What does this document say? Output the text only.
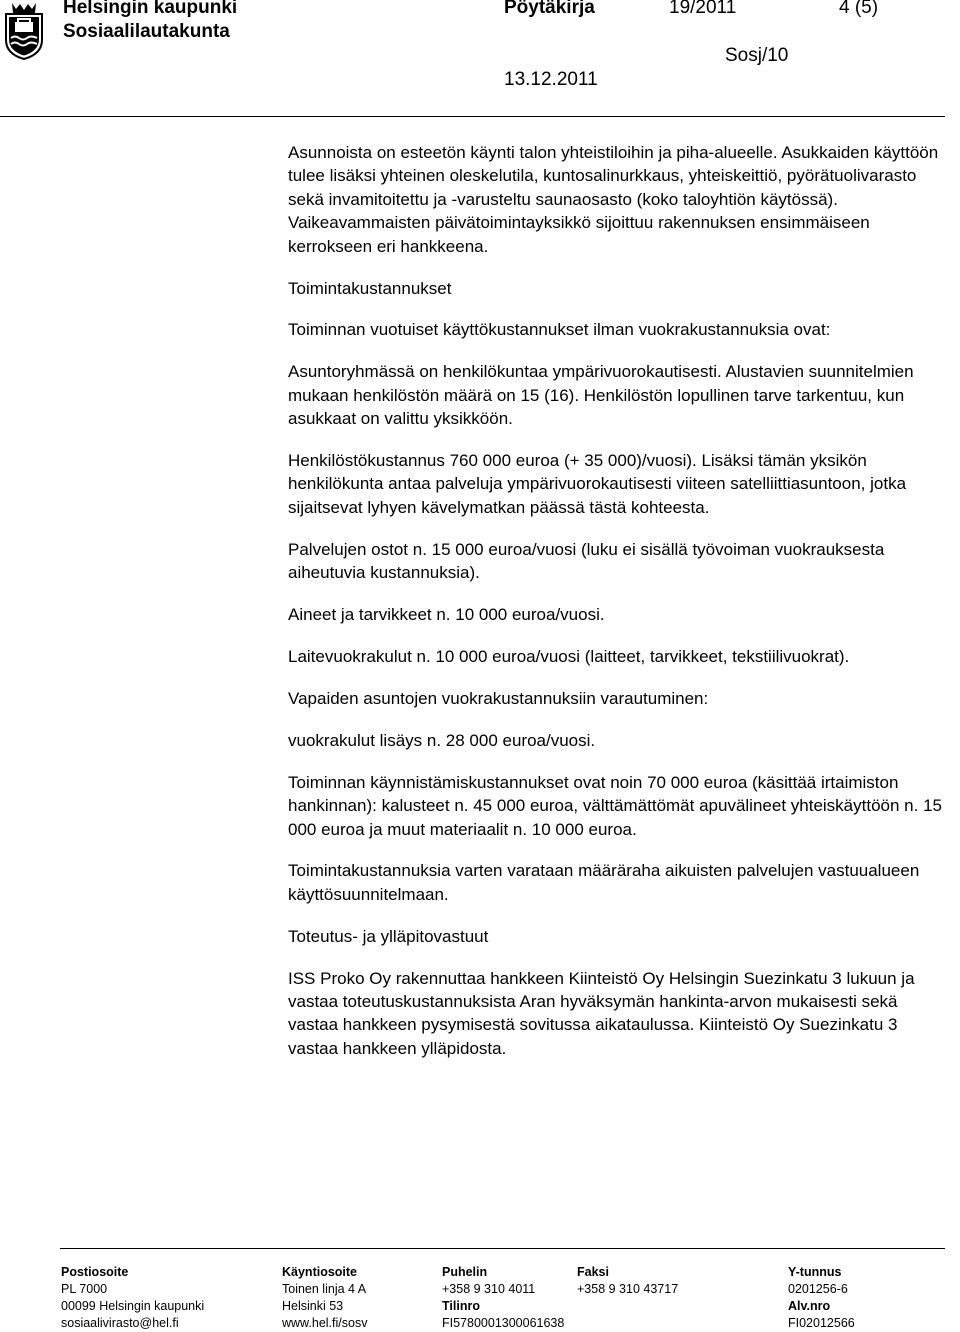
Helsingin kaupunki
Sosiaalilautakunta
Pöytäkirja	19/2011	4 (5)
Sosj/10
13.12.2011

Asunnoista on esteetön käynti talon yhteistiloihin ja piha-alueelle. Asukkaiden käyttöön tulee lisäksi yhteinen oleskelutila, kuntosalinurkkaus, yhteiskeittiö, pyörätuolivarasto sekä invamitoitettu ja -varusteltu saunaosasto (koko taloyhtiön käytössä). Vaikeavammaisten päivätoimintayksikkö sijoittuu rakennuksen ensimmäiseen kerrokseen eri hankkeena.

Toimintakustannukset

Toiminnan vuotuiset käyttökustannukset ilman vuokrakustannuksia ovat:

Asuntoryhmässä on henkilökuntaa ympärivuorokautisesti. Alustavien suunnitelmien mukaan henkilöstön määrä on 15 (16). Henkilöstön lopullinen tarve tarkentuu, kun asukkaat on valittu yksikköön.

Henkilöstökustannus 760 000 euroa (+ 35 000)/vuosi). Lisäksi tämän yksikön henkilökunta antaa palveluja ympärivuorokautisesti viiteen satelliittiasuntoon, jotka sijaitsevat lyhyen kävelymatkan päässä tästä kohteesta.

Palvelujen ostot n. 15 000 euroa/vuosi (luku ei sisällä työvoiman vuokrauksesta aiheutuvia kustannuksia).

Aineet ja tarvikkeet n. 10 000 euroa/vuosi.

Laitevuokrakulut n. 10 000 euroa/vuosi (laitteet, tarvikkeet, tekstiilivuokrat).

Vapaiden asuntojen vuokrakustannuksiin varautuminen:

vuokrakulut lisäys n. 28 000 euroa/vuosi.

Toiminnan käynnistämiskustannukset ovat noin 70 000 euroa (käsittää irtaimiston hankinnan): kalusteet n. 45 000 euroa, välttämättömät apuvälineet yhteiskäyttöön n. 15 000 euroa ja muut materiaalit n. 10 000 euroa.

Toimintakustannuksia varten varataan määräraha aikuisten palvelujen vastuualueen käyttösuunnitelmaan.

Toteutus- ja ylläpitovastuut

ISS Proko Oy rakennuttaa hankkeen Kiinteistö Oy Helsingin Suezinkatu 3 lukuun ja vastaa toteutuskustannuksista Aran hyväksymän hankinta-arvon mukaisesti sekä vastaa hankkeen pysymisestä sovitussa aikataulussa. Kiinteistö Oy Suezinkatu 3 vastaa hankkeen ylläpidosta.

Postiosoite
PL 7000
00099 Helsingin kaupunki
sosiaalivirasto@hel.fi
Käyntiosoite
Toinen linja 4 A
Helsinki 53
www.hel.fi/sosv
Puhelin
+358 9 310 4011
Tilinro
FI5780001300061638
Faksi
+358 9 310 43717
Y-tunnus
0201256-6
Alv.nro
FI02012566
